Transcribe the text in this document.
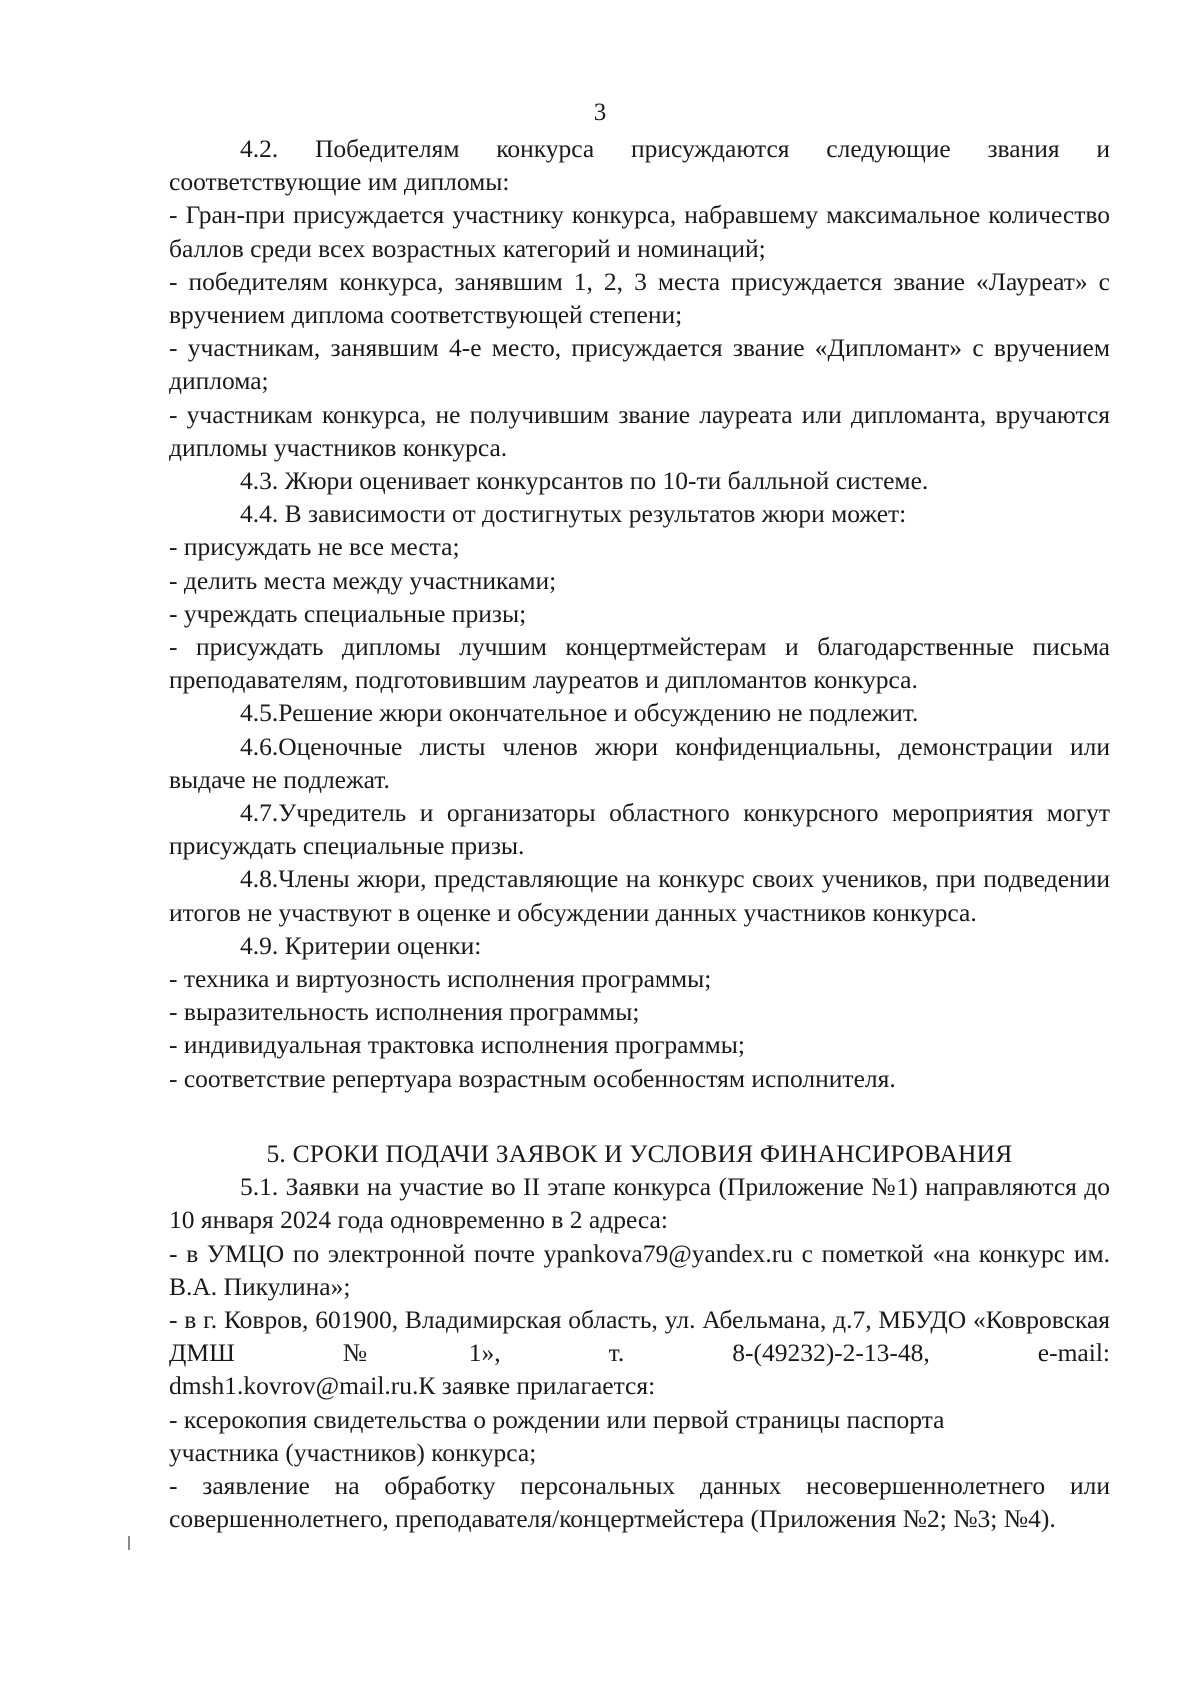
3

4.2. Победителям конкурса присуждаются следующие звания и соответствующие им дипломы:

- Гран-при присуждается участнику конкурса, набравшему максимальное количество баллов среди всех возрастных категорий и номинаций;

- победителям конкурса, занявшим 1, 2, 3 места присуждается звание «Лауреат» с вручением диплома соответствующей степени;

- участникам, занявшим 4-е место, присуждается звание «Дипломант» с вручением диплома;

- участникам конкурса, не получившим звание лауреата или дипломанта, вручаются дипломы участников конкурса.

4.3. Жюри оценивает конкурсантов по 10-ти балльной системе.

4.4. В зависимости от достигнутых результатов жюри может:

- присуждать не все места;

- делить места между участниками;

- учреждать специальные призы;

- присуждать дипломы лучшим концертмейстерам и благодарственные письма преподавателям, подготовившим лауреатов и дипломантов конкурса.

4.5.Решение жюри окончательное и обсуждению не подлежит.

4.6.Оценочные листы членов жюри конфиденциальны, демонстрации или выдаче не подлежат.

4.7.Учредитель и организаторы областного конкурсного мероприятия могут присуждать специальные призы.

4.8.Члены жюри, представляющие на конкурс своих учеников, при подведении итогов не участвуют в оценке и обсуждении данных участников конкурса.

4.9. Критерии оценки:

- техника и виртуозность исполнения программы;

- выразительность исполнения программы;

- индивидуальная трактовка исполнения программы;

- соответствие репертуара возрастным особенностям исполнителя.

5. СРОКИ ПОДАЧИ ЗАЯВОК И УСЛОВИЯ ФИНАНСИРОВАНИЯ

5.1. Заявки на участие во II этапе конкурса (Приложение №1) направляются до 10 января 2024 года одновременно в 2 адреса:

- в УМЦО по электронной почте ypankova79@yandex.ru с пометкой «на конкурс им. В.А. Пикулина»;

- в г. Ковров, 601900, Владимирская область, ул. Абельмана, д.7, МБУДО «Ковровская ДМШ №1», т. 8-(49232)-2-13-48, e-mail:

dmsh1.kovrov@mail.ru.К заявке прилагается:

- ксерокопия свидетельства о рождении или первой страницы паспорта

участника (участников) конкурса;

- заявление на обработку персональных данных несовершеннолетнего или совершеннолетнего, преподавателя/концертмейстера (Приложения №2; №3; №4).
